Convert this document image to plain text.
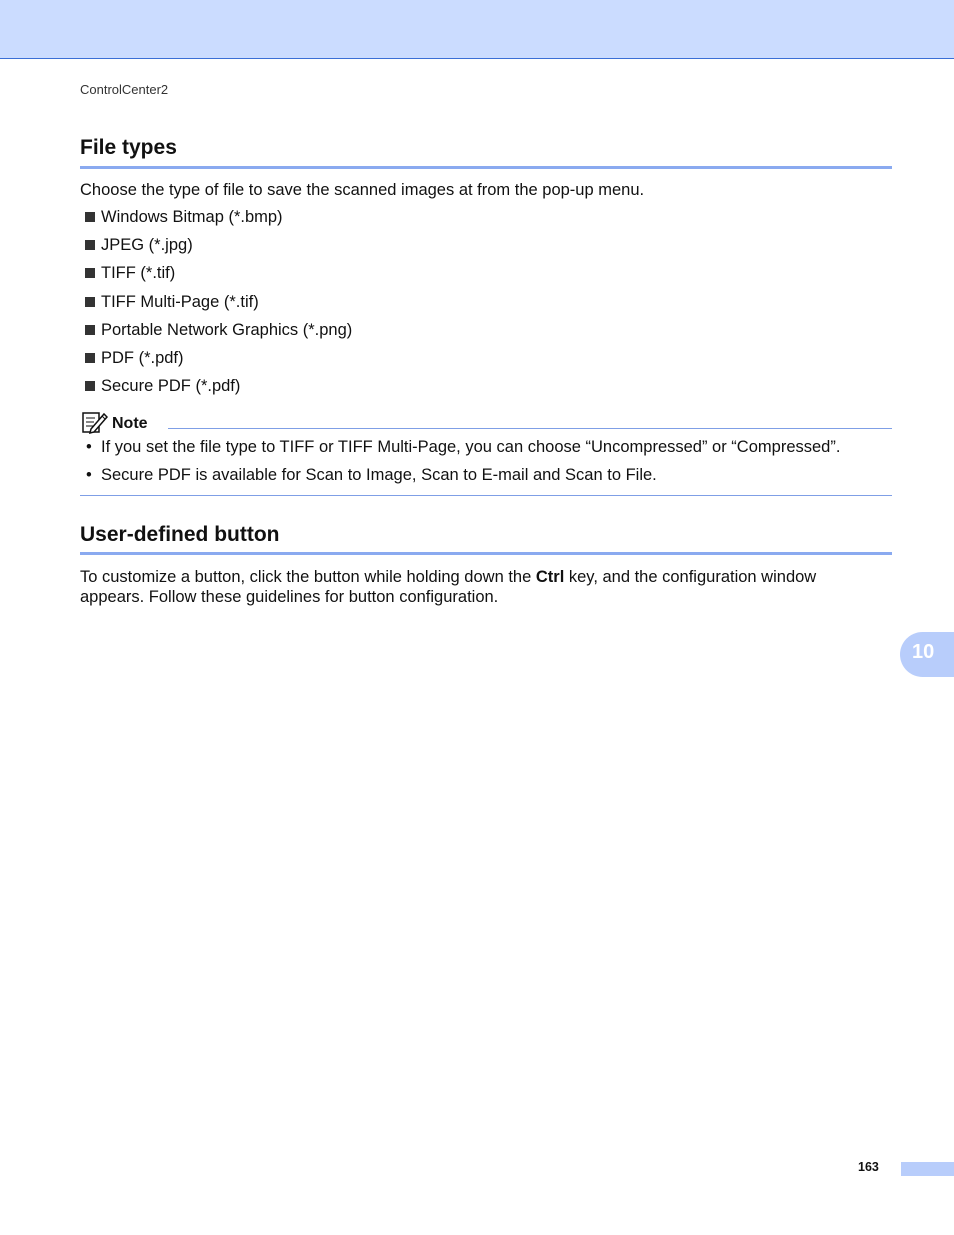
ControlCenter2
File types

Choose the type of file to save the scanned images at from the pop-up menu.

Windows Bitmap (*.bmp)
JPEG (*.jpg)
TIFF (*.tif)
TIFF Multi-Page (*.tif)
Portable Network Graphics (*.png)
PDF (*.pdf)
Secure PDF (*.pdf)
Note
• If you set the file type to TIFF or TIFF Multi-Page, you can choose “Uncompressed” or “Compressed”.
• Secure PDF is available for Scan to Image, Scan to E-mail and Scan to File.
User-defined button

To customize a button, click the button while holding down the Ctrl key, and the configuration window appears. Follow these guidelines for button configuration.

10
163
